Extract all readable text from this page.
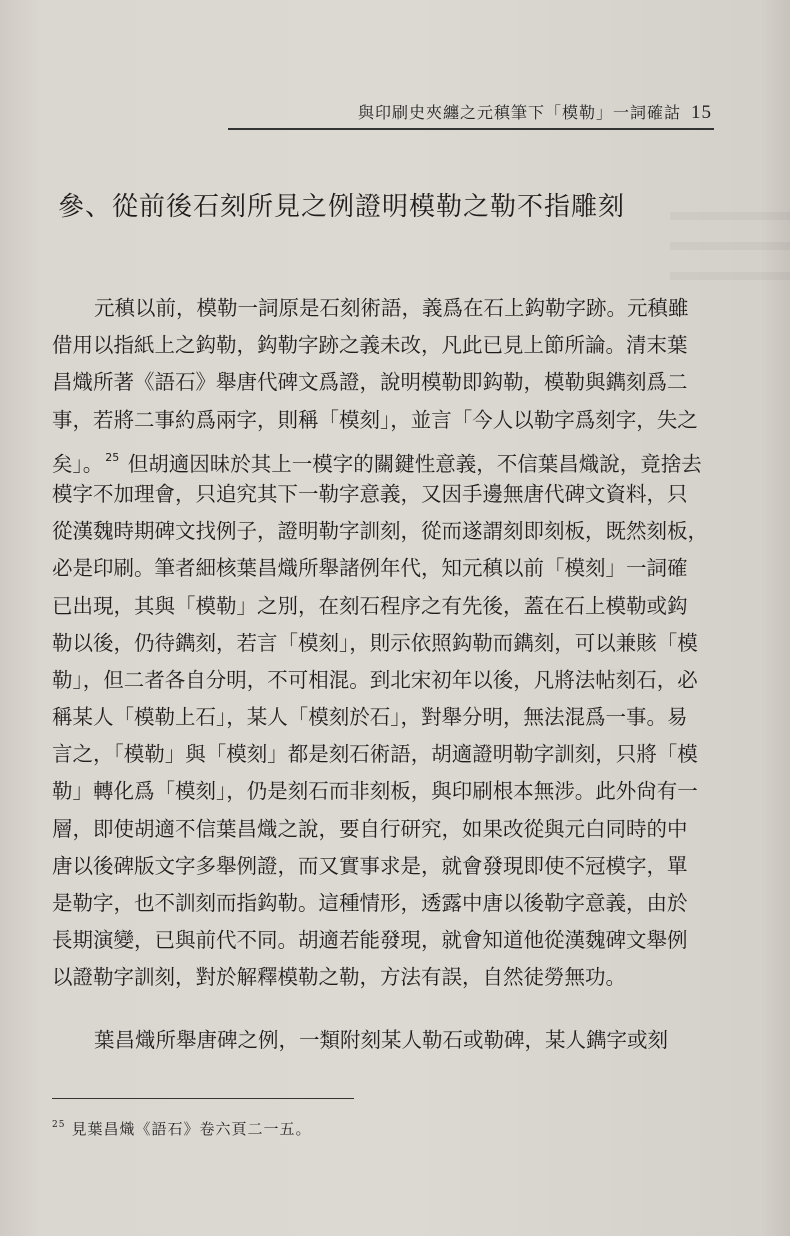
與印刷史夾纏之元稹筆下「模勒」一詞確詁 15
參、從前後石刻所見之例證明模勒之勒不指雕刻
元稹以前，模勒一詞原是石刻術語，義爲在石上鈎勒字跡。元稹雖
借用以指紙上之鈎勒，鈎勒字跡之義未改，凡此已見上節所論。清末葉
昌熾所著《語石》舉唐代碑文爲證，說明模勒即鈎勒，模勒與鐫刻爲二
事，若將二事約爲兩字，則稱「模刻」，並言「今人以勒字爲刻字，失之
矣」。 $^{25}$ 但胡適因昧於其上一模字的關鍵性意義，不信葉昌熾說，竟捨去
模字不加理會，只追究其下一勒字意義，又因手邊無唐代碑文資料，只
從漢魏時期碑文找例子，證明勒字訓刻，從而遂謂刻即刻板，既然刻板，
必是印刷。筆者細核葉昌熾所舉諸例年代，知元稹以前「模刻」一詞確
已出現，其與「模勒」之別，在刻石程序之有先後，蓋在石上模勒或鈎
勒以後，仍待鐫刻，若言「模刻」，則示依照鈎勒而鐫刻，可以兼賅「模
勒」，但二者各自分明，不可相混。到北宋初年以後，凡將法帖刻石，必
稱某人「模勒上石」，某人「模刻於石」，對舉分明，無法混爲一事。易
言之，「模勒」與「模刻」都是刻石術語，胡適證明勒字訓刻，只將「模
勒」轉化爲「模刻」，仍是刻石而非刻板，與印刷根本無涉。此外尙有一
層，即使胡適不信葉昌熾之說，要自行研究，如果改從與元白同時的中
唐以後碑版文字多舉例證，而又實事求是，就會發現即使不冠模字，單
是勒字，也不訓刻而指鈎勒。這種情形，透露中唐以後勒字意義，由於
長期演變，已與前代不同。胡適若能發現，就會知道他從漢魏碑文舉例
以證勒字訓刻，對於解釋模勒之勒，方法有誤，自然徒勞無功。
葉昌熾所舉唐碑之例，一類附刻某人勒石或勒碑，某人鐫字或刻
$^{25}$ 見葉昌熾《語石》卷六頁二一五。
